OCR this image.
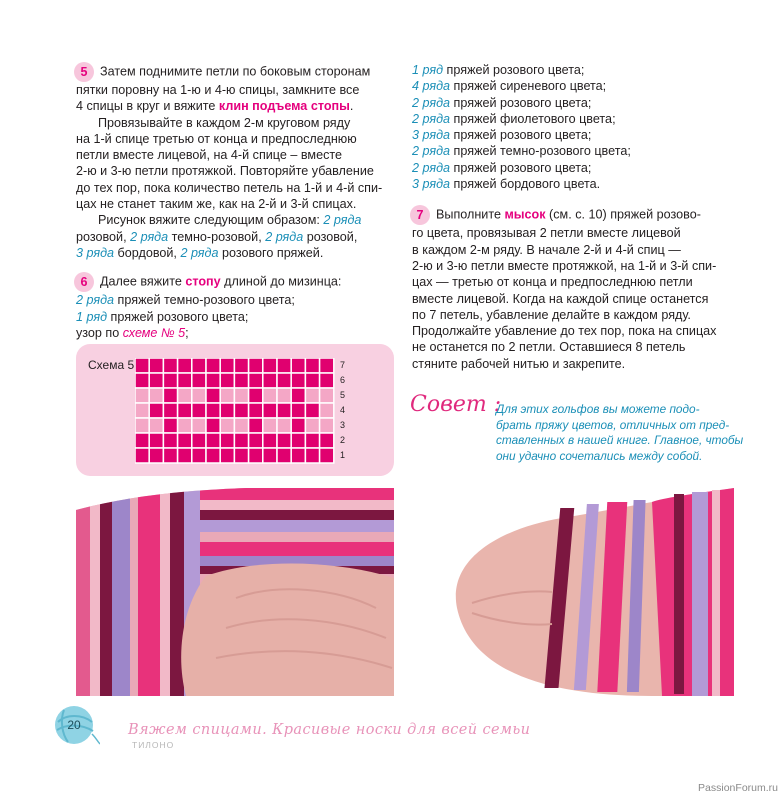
5 Затем поднимите петли по боковым сторонам
пятки поровну на 1-ю и 4-ю спицы, замкните все
4 спицы в круг и вяжите клин подъема стопы.

Провязывайте в каждом 2-м круговом ряду
на 1-й спице третью от конца и предпоследнюю
петли вместе лицевой, на 4-й спице – вместе
2-ю и 3-ю петли протяжкой. Повторяйте убавление
до тех пор, пока количество петель на 1-й и 4-й спи-
цах не станет таким же, как на 2-й и 3-й спицах.

Рисунок вяжите следующим образом: 2 ряда
розовой, 2 ряда темно-розовой, 2 ряда розовой,
3 ряда бордовой, 2 ряда розового пряжей.

6 Далее вяжите стопу длиной до мизинца:
2 ряда пряжей темно-розового цвета;
1 ряд пряжей розового цвета;
узор по схеме № 5;

Схема 5	7
6
5
4
3
2
1

1 ряд пряжей розового цвета;
4 ряда пряжей сиреневого цвета;
2 ряда пряжей розового цвета;
2 ряда пряжей фиолетового цвета;
3 ряда пряжей розового цвета;
2 ряда пряжей темно-розового цвета;
2 ряда пряжей розового цвета;
3 ряда пряжей бордового цвета.

7 Выполните мысок (см. с. 10) пряжей розово-
го цвета, провязывая 2 петли вместе лицевой
в каждом 2-м ряду. В начале 2-й и 4-й спиц —
2-ю и 3-ю петли вместе протяжкой, на 1-й и 3-й спи-
цах — третью от конца и предпоследнюю петли
вместе лицевой. Когда на каждой спице останется
по 7 петель, убавление делайте в каждом ряду.
Продолжайте убавление до тех пор, пока на спицах
не останется по 2 петли. Оставшиеся 8 петель
стяните рабочей нитью и закрепите.

Совет :
Для этих гольфов вы можете подо-
брать пряжу цветов, отличных от пред-
ставленных в нашей книге. Главное, чтобы
они удачно сочетались между собой.
20	Вяжем спицами. Красивые носки для всей семьи
ТИЛОНО
PassionForum.ru
